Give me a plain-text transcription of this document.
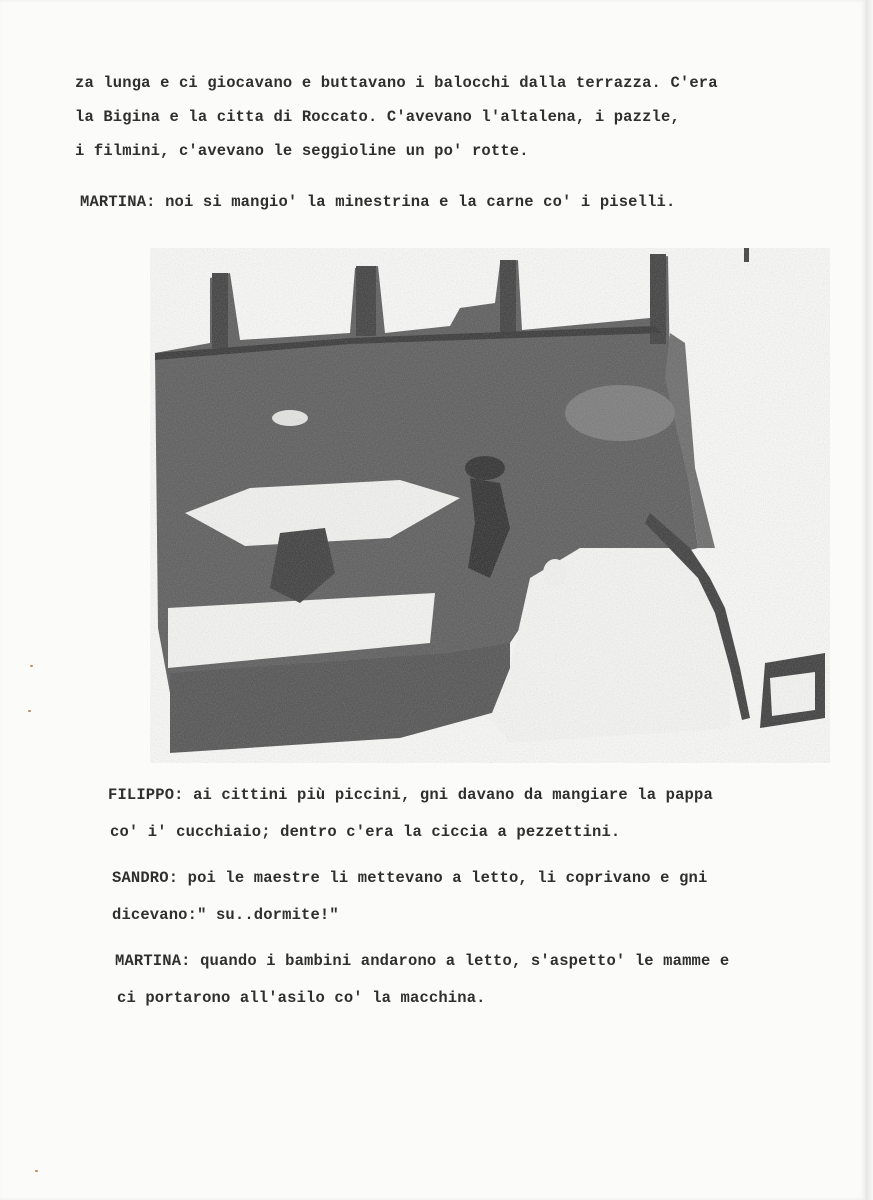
za lunga e ci giocavano e buttavano i balocchi dalla terrazza. C'era
la Bigina e la citta di Roccato. C'avevano l'altalena, i pazzle,
i filmini, c'avevano le seggioline un po' rotte.
MARTINA: noi si mangio' la minestrina e la carne co' i piselli.
FILIPPO: ai cittini più piccini, gni davano da mangiare la pappa
co' i' cucchiaio; dentro c'era la ciccia a pezzettini.
SANDRO: poi le maestre li mettevano a letto, li coprivano e gni
dicevano:" su..dormite!"
MARTINA: quando i bambini andarono a letto, s'aspetto' le mamme e
ci portarono all'asilo co' la macchina.
